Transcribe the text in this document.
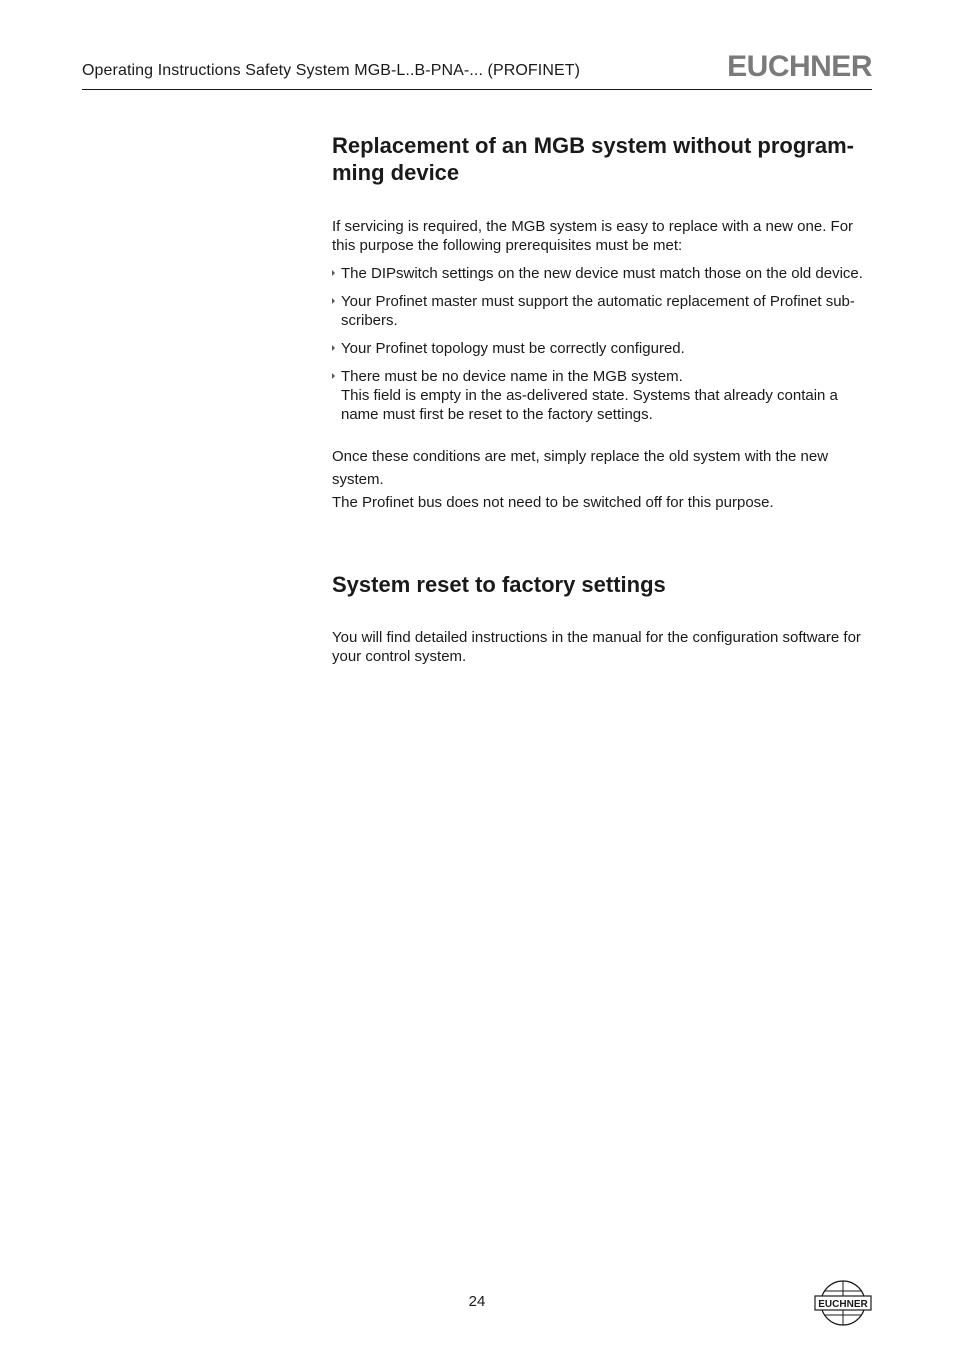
Operating Instructions Safety System MGB-L..B-PNA-... (PROFINET)	EUCHNER
Replacement of an MGB system without program-
ming device

If servicing is required, the MGB system is easy to replace with a new one. For this purpose the following prerequisites must be met:

The DIPswitch settings on the new device must match those on the old device.
Your Profinet master must support the automatic replacement of Profinet sub-
scribers.
Your Profinet topology must be correctly configured.
There must be no device name in the MGB system.
This field is empty in the as-delivered state. Systems that already contain a
name must first be reset to the factory settings.

Once these conditions are met, simply replace the old system with the new system.
The Profinet bus does not need to be switched off for this purpose.

System reset to factory settings

You will find detailed instructions in the manual for the configuration software for your control system.

24	EUCHNER
